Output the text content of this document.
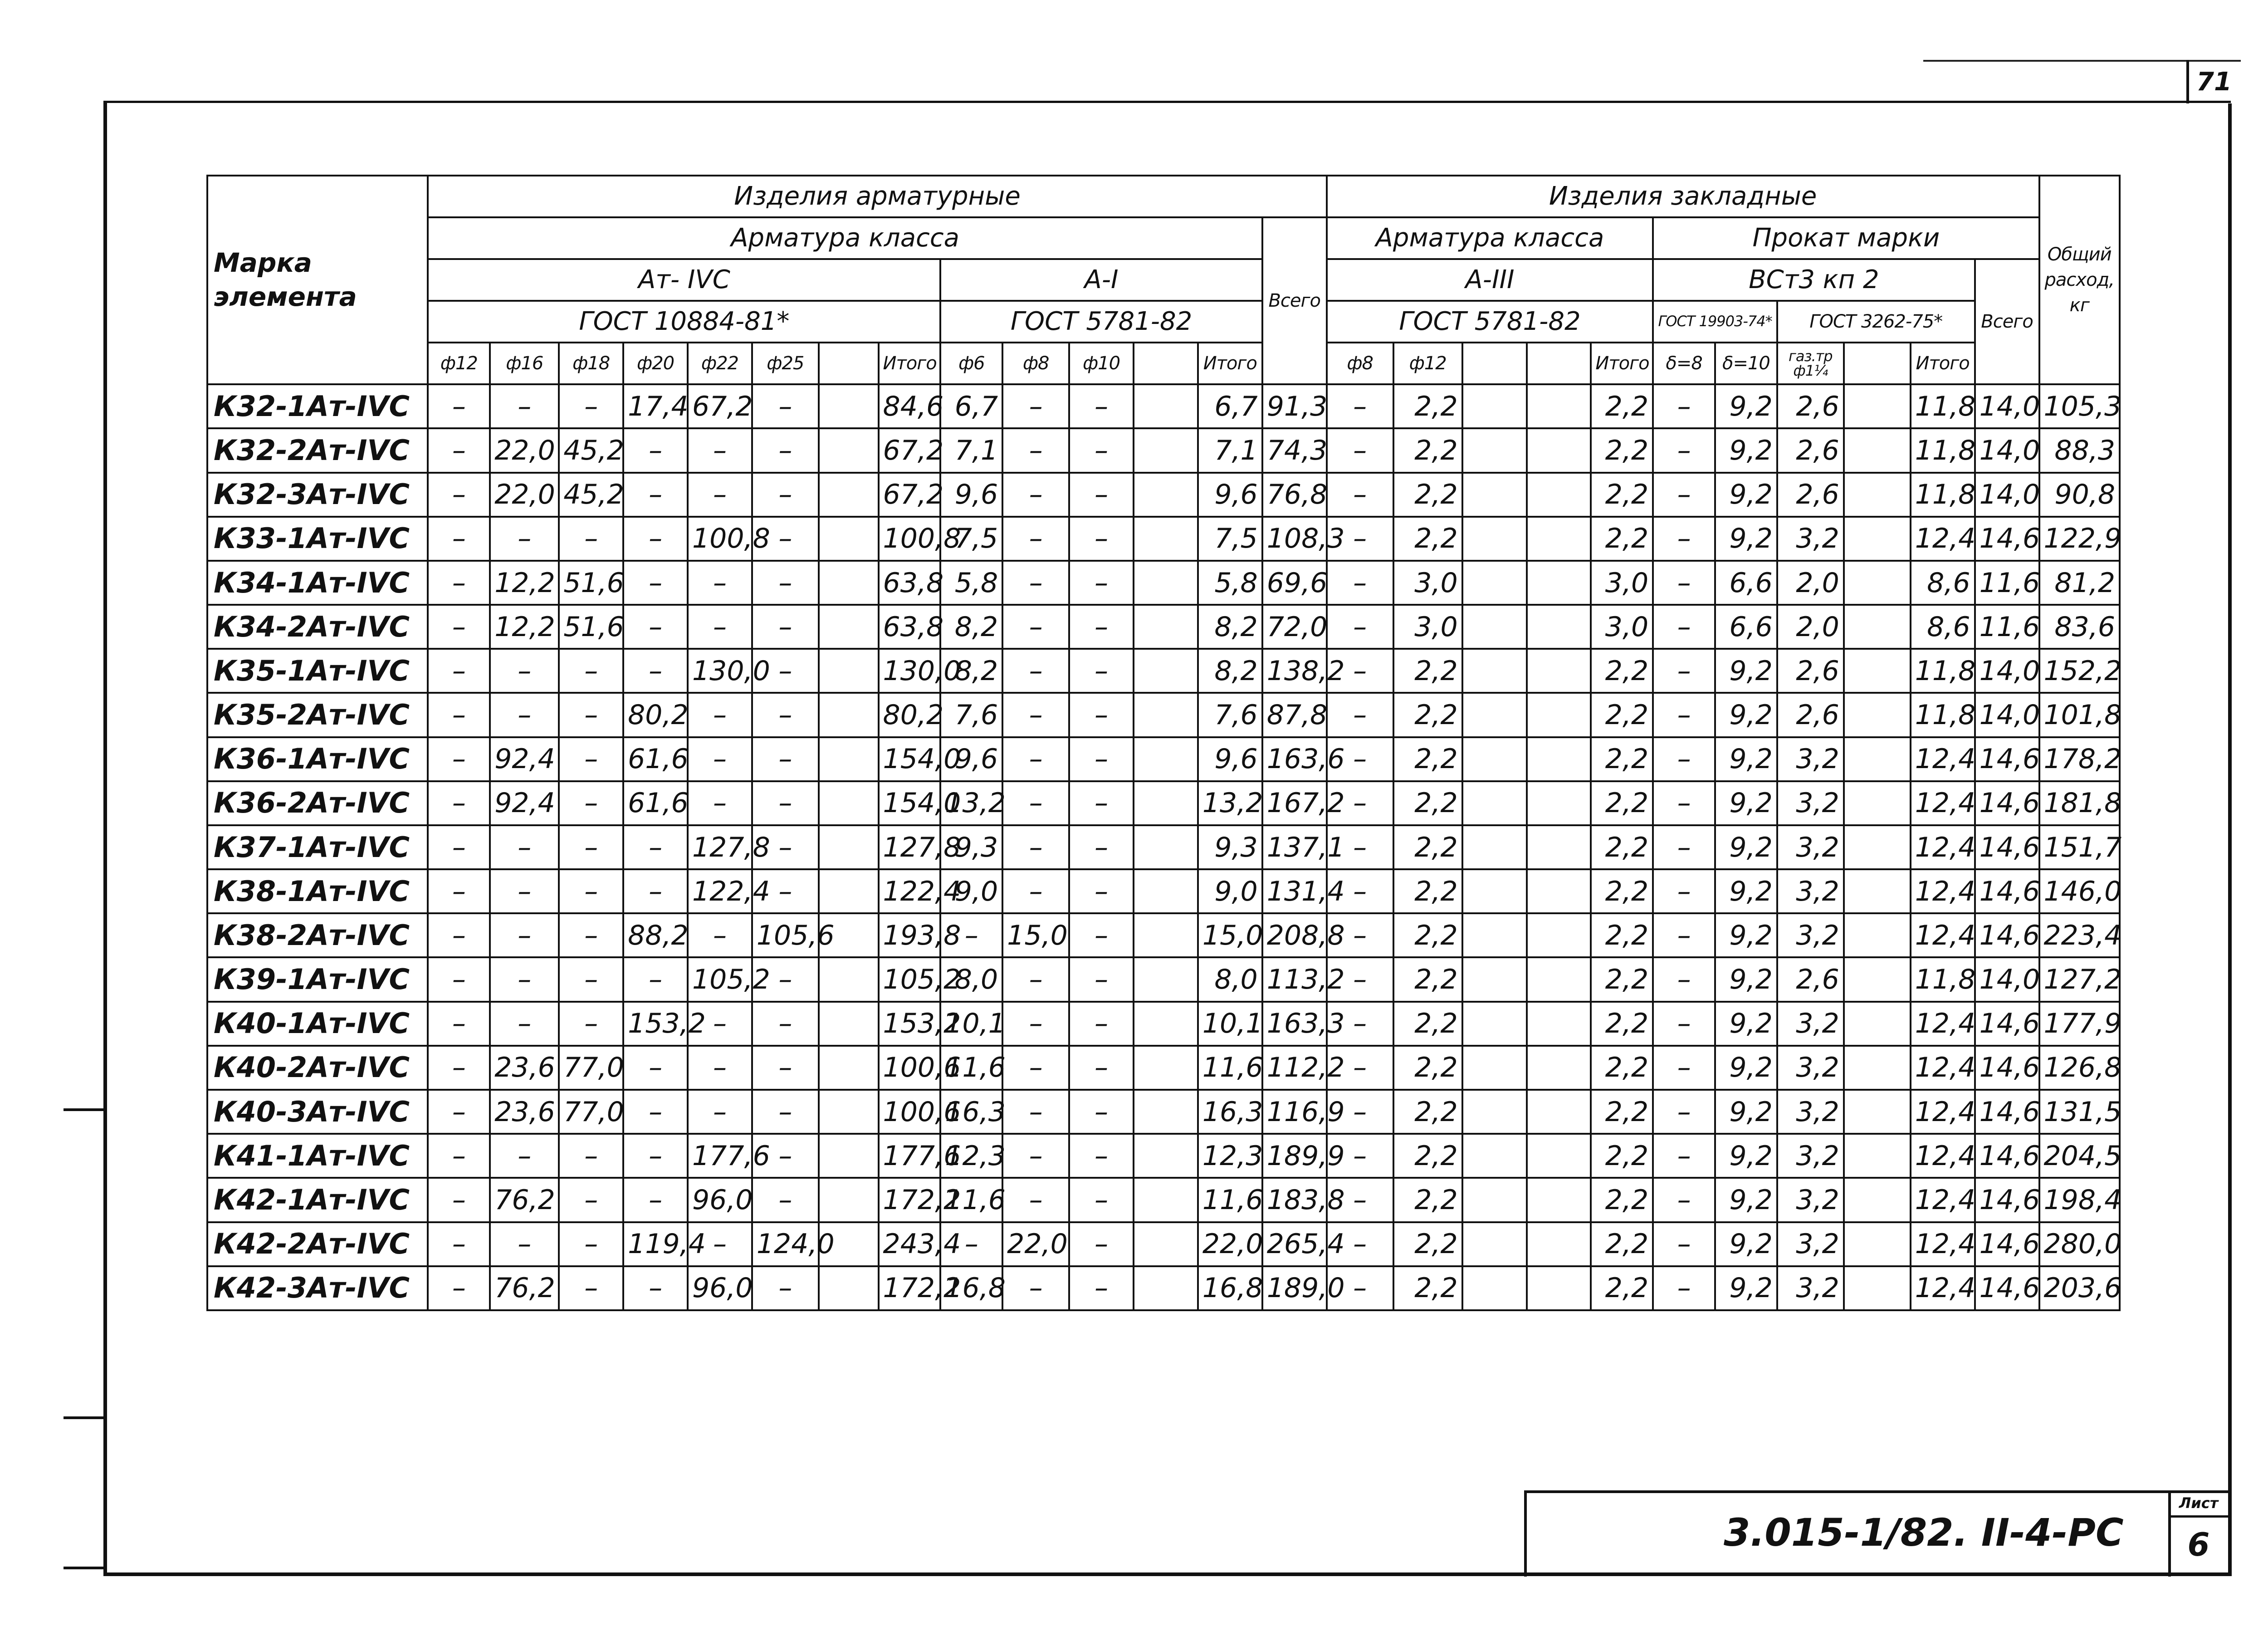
71
Марка элемента	Изделия арматурные														Изделия закладные											Общий расход, кг
	Арматура класса													Всего	Арматура класса					Прокат марки						
	Ат- IVС								А-I						А-III					ВСт3 кп 2					Всего	
	ГОСТ 10884-81*								ГОСТ 5781-82						ГОСТ 5781-82					ГОСТ 19903-74*		ГОСТ 3262-75*				
	ф12	ф16	ф18	ф20	ф22	ф25		Итого	ф6	ф8	ф10		Итого		ф8	ф12			Итого	δ=8	δ=10	газ.тр ф1¼		Итого		
К32-1Ат-IVС	–	–	–	17,4	67,2	–		84,6	6,7	–	–		6,7	91,3	–	2,2			2,2	–	9,2	2,6		11,8	14,0	105,3
К32-2Ат-IVС	–	22,0	45,2	–	–	–		67,2	7,1	–	–		7,1	74,3	–	2,2			2,2	–	9,2	2,6		11,8	14,0	88,3
К32-3Ат-IVС	–	22,0	45,2	–	–	–		67,2	9,6	–	–		9,6	76,8	–	2,2			2,2	–	9,2	2,6		11,8	14,0	90,8
К33-1Ат-IVС	–	–	–	–	100,8	–		100,8	7,5	–	–		7,5	108,3	–	2,2			2,2	–	9,2	3,2		12,4	14,6	122,9
К34-1Ат-IVС	–	12,2	51,6	–	–	–		63,8	5,8	–	–		5,8	69,6	–	3,0			3,0	–	6,6	2,0		8,6	11,6	81,2
К34-2Ат-IVС	–	12,2	51,6	–	–	–		63,8	8,2	–	–		8,2	72,0	–	3,0			3,0	–	6,6	2,0		8,6	11,6	83,6
К35-1Ат-IVС	–	–	–	–	130,0	–		130,0	8,2	–	–		8,2	138,2	–	2,2			2,2	–	9,2	2,6		11,8	14,0	152,2
К35-2Ат-IVС	–	–	–	80,2	–	–		80,2	7,6	–	–		7,6	87,8	–	2,2			2,2	–	9,2	2,6		11,8	14,0	101,8
К36-1Ат-IVС	–	92,4	–	61,6	–	–		154,0	9,6	–	–		9,6	163,6	–	2,2			2,2	–	9,2	3,2		12,4	14,6	178,2
К36-2Ат-IVС	–	92,4	–	61,6	–	–		154,0	13,2	–	–		13,2	167,2	–	2,2			2,2	–	9,2	3,2		12,4	14,6	181,8
К37-1Ат-IVС	–	–	–	–	127,8	–		127,8	9,3	–	–		9,3	137,1	–	2,2			2,2	–	9,2	3,2		12,4	14,6	151,7
К38-1Ат-IVС	–	–	–	–	122,4	–		122,4	9,0	–	–		9,0	131,4	–	2,2			2,2	–	9,2	3,2		12,4	14,6	146,0
К38-2Ат-IVС	–	–	–	88,2	–	105,6		193,8	–	15,0	–		15,0	208,8	–	2,2			2,2	–	9,2	3,2		12,4	14,6	223,4
К39-1Ат-IVС	–	–	–	–	105,2	–		105,2	8,0	–	–		8,0	113,2	–	2,2			2,2	–	9,2	2,6		11,8	14,0	127,2
К40-1Ат-IVС	–	–	–	153,2	–	–		153,2	10,1	–	–		10,1	163,3	–	2,2			2,2	–	9,2	3,2		12,4	14,6	177,9
К40-2Ат-IVС	–	23,6	77,0	–	–	–		100,6	11,6	–	–		11,6	112,2	–	2,2			2,2	–	9,2	3,2		12,4	14,6	126,8
К40-3Ат-IVС	–	23,6	77,0	–	–	–		100,6	16,3	–	–		16,3	116,9	–	2,2			2,2	–	9,2	3,2		12,4	14,6	131,5
К41-1Ат-IVС	–	–	–	–	177,6	–		177,6	12,3	–	–		12,3	189,9	–	2,2			2,2	–	9,2	3,2		12,4	14,6	204,5
К42-1Ат-IVС	–	76,2	–	–	96,0	–		172,2	11,6	–	–		11,6	183,8	–	2,2			2,2	–	9,2	3,2		12,4	14,6	198,4
К42-2Ат-IVС	–	–	–	119,4	–	124,0		243,4	–	22,0	–		22,0	265,4	–	2,2			2,2	–	9,2	3,2		12,4	14,6	280,0
К42-3Ат-IVС	–	76,2	–	–	96,0	–		172,2	16,8	–	–		16,8	189,0	–	2,2			2,2	–	9,2	3,2		12,4	14,6	203,6
3.015-1/82. II-4-РС
Лист
6
